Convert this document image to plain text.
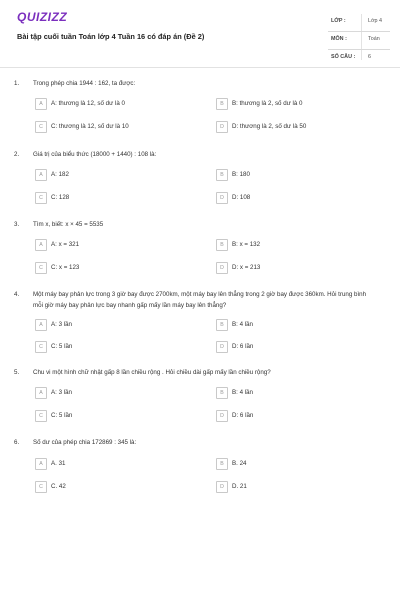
QUIZIZZ
Bài tập cuối tuần Toán lớp 4 Tuần 16 có đáp án (Đề 2)
LỚP :	Lớp 4
MÔN :	Toán
SỐ CÂU : 6
1. Trong phép chia 1944 : 162, ta được:
A	A: thương là 12, số dư là 0	B	B: thương là 2, số dư là 0
C	C: thương là 12, số dư là 10	D	D: thương là 2, số dư là 50
2. Giá trị của biểu thức (18000 + 1440) : 108 là:
A	A: 182	B	B: 180
C	C: 128	D	D: 108
3. Tìm x, biết: x × 45 = 5535
A	A: x = 321	B	B: x = 132
C	C: x = 123	D	D: x = 213
4. Một máy bay phản lực trong 3 giờ bay được 2700km, một máy bay lên thẳng trong 2 giờ bay được 360km. Hỏi trung bình mỗi giờ máy bay phản lực bay nhanh gấp mấy lần máy bay lên thẳng?
A	A: 3 lần	B	B: 4 lần
C	C: 5 lần	D	D: 6 lần
5. Chu vi một hình chữ nhật gấp 8 lần chiều rộng . Hỏi chiều dài gấp mấy lần chiều rộng?
A	A: 3 lần	B	B: 4 lần
C	C: 5 lần	D	D: 6 lần
6. Số dư của phép chia 172869 : 345 là:
A	A. 31	B	B. 24
C	C. 42	D	D. 21
